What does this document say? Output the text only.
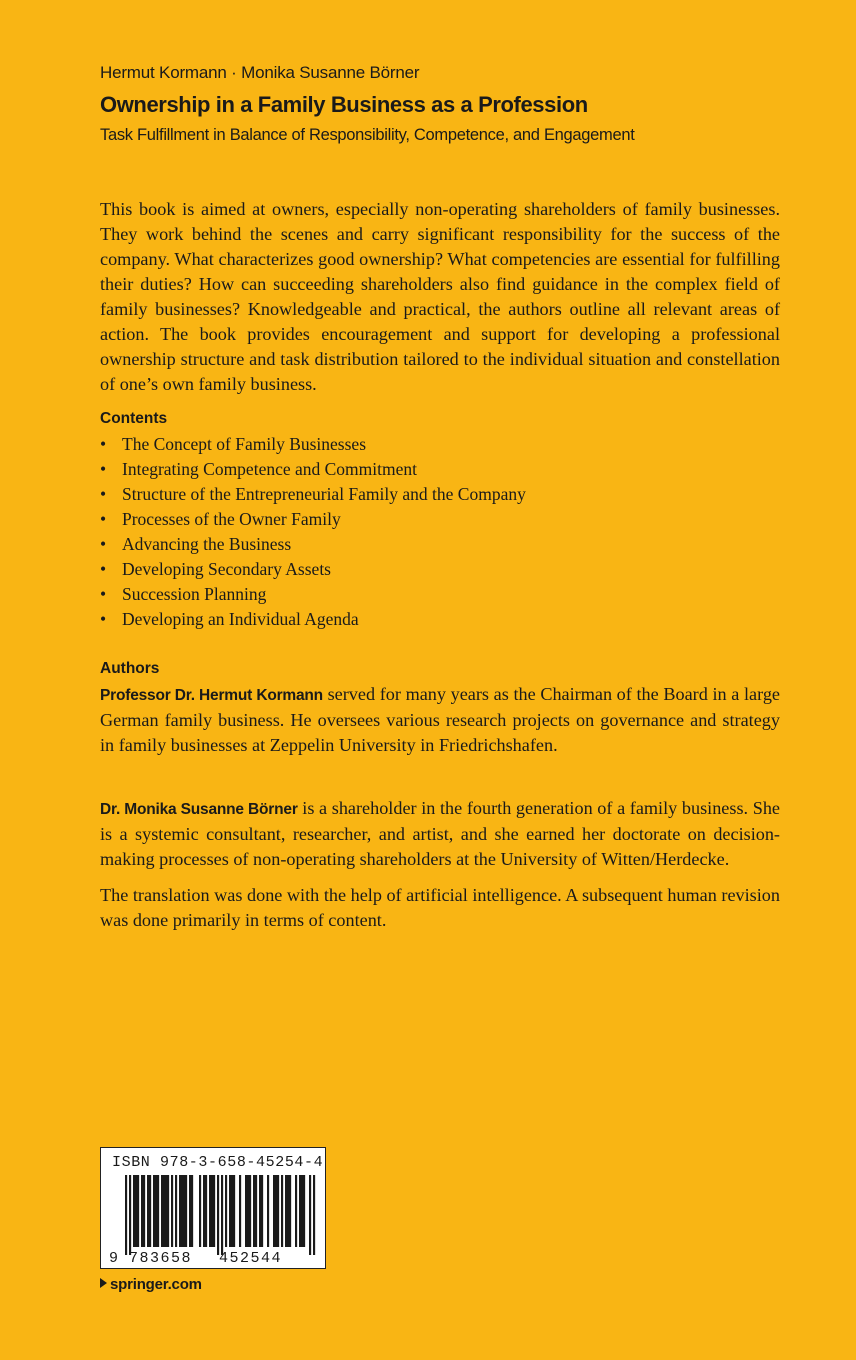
Hermut Kormann · Monika Susanne Börner
Ownership in a Family Business as a Profession
Task Fulfillment in Balance of Responsibility, Competence, and Engagement

This book is aimed at owners, especially non-operating shareholders of family businesses. They work behind the scenes and carry significant responsibility for the success of the company. What characterizes good ownership? What competencies are essential for fulfilling their duties? How can succeeding shareholders also find guidance in the complex field of family businesses? Knowledgeable and practical, the authors outline all relevant areas of action. The book provides encouragement and support for developing a professional ownership structure and task distribution tailored to the individual situation and constellation of one’s own family business.

Contents
• The Concept of Family Businesses
• Integrating Competence and Commitment
• Structure of the Entrepreneurial Family and the Company
• Processes of the Owner Family
• Advancing the Business
• Developing Secondary Assets
• Succession Planning
• Developing an Individual Agenda
Authors

Professor Dr. Hermut Kormann served for many years as the Chairman of the Board in a large German family business. He oversees various research projects on governance and strategy in family businesses at Zeppelin University in Friedrichshafen.

Dr. Monika Susanne Börner is a shareholder in the fourth generation of a family business. She is a systemic consultant, researcher, and artist, and she earned her doctorate on decision-making processes of non-operating shareholders at the University of Witten/Herdecke.

The translation was done with the help of artificial intelligence. A subsequent human revision was done primarily in terms of content.

9 783658 452544
ISBN 978-3-658-45254-4
springer.com
